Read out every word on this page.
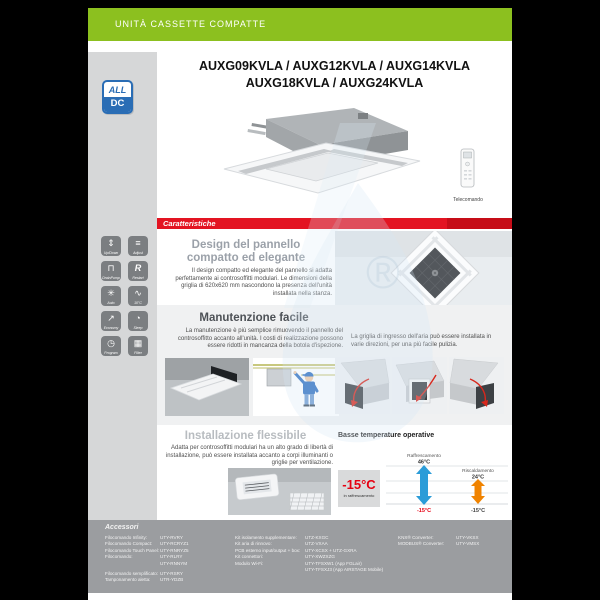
UNITÀ CASSETTE COMPATTE
ALL
DC
⇕
Up/Down
≡
Adjust
⊓
DrainPump
R
Restart
✳
Auto
∿
10°C
↗
Economy
◔
Sleep
◷
Program
▦
Filter
AUXG09KVLA / AUXG12KVLA / AUXG14KVLA
AUXG18KVLA / AUXG24KVLA
Telecomando
Caratteristiche
Design del pannello
compatto ed elegante
Il design compatto ed elegante del pannello si adatta perfettamente ai controsoffitti modulari. Le dimensioni della griglia di 620x620 mm nascondono la presenza dell'unità installata nella stanza.
Manutenzione facile
La manutenzione è più semplice rimuovendo il pannello del controsoffitto accanto all'unità. I costi di realizzazione possono essere ridotti in mancanza della botola d'ispezione.
La griglia di ingresso dell'aria può essere installata in varie direzioni, per una più facile pulizia.
Installazione flessibile
Adatta per controsoffitti modulari ha un alto grado di libertà di installazione, può essere installata accanto a corpi illuminanti o griglie per ventilazione.
Basse temperature operative
-15°C
in raffrescamento
Raffrescamento
46°C
-15°C
Riscaldamento
24°C
-15°C
Accessori
Filocomando Infinity:	UTY-RVRY
Filocomando Compact:	UTY-RCRYZ1
Filocomando Touch Panel: UTY-RNRYZ5
Filocomando:	UTY-RLRY
UTY-RNNYM
Filocomando semplificato: UTY-RSRY
Tamponamento aletta:	UTR-YDZB
Kit isolamento supplementare:	UTZ-KXGC
Kit aria di rinnovo:	UTZ-VXAA
PCB esterno input/output + box:	UTY-XCSX + UTZ-GXRA
Kit connettori:	UTY-XWZXZG
Modulo Wi-Fi:	UTY-TFSXW1 (App FGLair)
UTY-TFSXJ3 (App AIRSTAGE Mobile)
KNX® Converter:	UTY-VKSX
MODBUS® Converter:	UTY-VMSX
®
